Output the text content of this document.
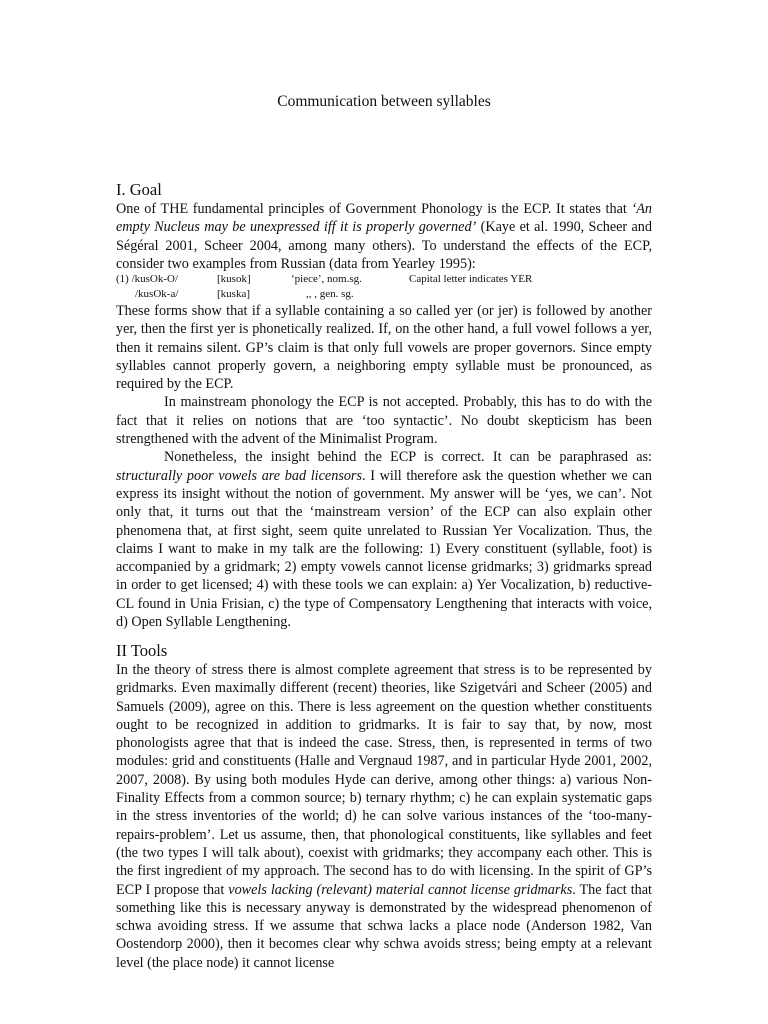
Communication between syllables
I. Goal

One of THE fundamental principles of Government Phonology is the ECP. It states that ‘An empty Nucleus may be unexpressed iff it is properly governed’ (Kaye et al. 1990, Scheer and Ségéral 2001, Scheer 2004, among many others). To understand the effects of the ECP, consider two examples from Russian (data from Yearley 1995):

(1) /kusOk-O/	[kusok]	‘piece’, nom.sg.	Capital letter indicates YER
/kusOk-a/	[kuska]	,, , gen. sg.

These forms show that if a syllable containing a so called yer (or jer) is followed by another yer, then the first yer is phonetically realized. If, on the other hand, a full vowel follows a yer, then it remains silent. GP’s claim is that only full vowels are proper governors. Since empty syllables cannot properly govern, a neighboring empty syllable must be pronounced, as required by the ECP.

In mainstream phonology the ECP is not accepted. Probably, this has to do with the fact that it relies on notions that are ‘too syntactic’. No doubt skepticism has been strengthened with the advent of the Minimalist Program.

Nonetheless, the insight behind the ECP is correct. It can be paraphrased as: structurally poor vowels are bad licensors. I will therefore ask the question whether we can express its insight without the notion of government. My answer will be ‘yes, we can’. Not only that, it turns out that the ‘mainstream version’ of the ECP can also explain other phenomena that, at first sight, seem quite unrelated to Russian Yer Vocalization. Thus, the claims I want to make in my talk are the following: 1) Every constituent (syllable, foot) is accompanied by a gridmark; 2) empty vowels cannot license gridmarks; 3) gridmarks spread in order to get licensed; 4) with these tools we can explain: a) Yer Vocalization, b) reductive-CL found in Unia Frisian, c) the type of Compensatory Lengthening that interacts with voice, d) Open Syllable Lengthening.

II Tools

In the theory of stress there is almost complete agreement that stress is to be represented by gridmarks. Even maximally different (recent) theories, like Szigetvári and Scheer (2005) and Samuels (2009), agree on this. There is less agreement on the question whether constituents ought to be recognized in addition to gridmarks. It is fair to say that, by now, most phonologists agree that that is indeed the case. Stress, then, is represented in terms of two modules: grid and constituents (Halle and Vergnaud 1987, and in particular Hyde 2001, 2002, 2007, 2008). By using both modules Hyde can derive, among other things: a) various Non-Finality Effects from a common source; b) ternary rhythm; c) he can explain systematic gaps in the stress inventories of the world; d) he can solve various instances of the ‘too-many-repairs-problem’. Let us assume, then, that phonological constituents, like syllables and feet (the two types I will talk about), coexist with gridmarks; they accompany each other. This is the first ingredient of my approach. The second has to do with licensing. In the spirit of GP’s ECP I propose that vowels lacking (relevant) material cannot license gridmarks. The fact that something like this is necessary anyway is demonstrated by the widespread phenomenon of schwa avoiding stress. If we assume that schwa lacks a place node (Anderson 1982, Van Oostendorp 2000), then it becomes clear why schwa avoids stress; being empty at a relevant level (the place node) it cannot license
